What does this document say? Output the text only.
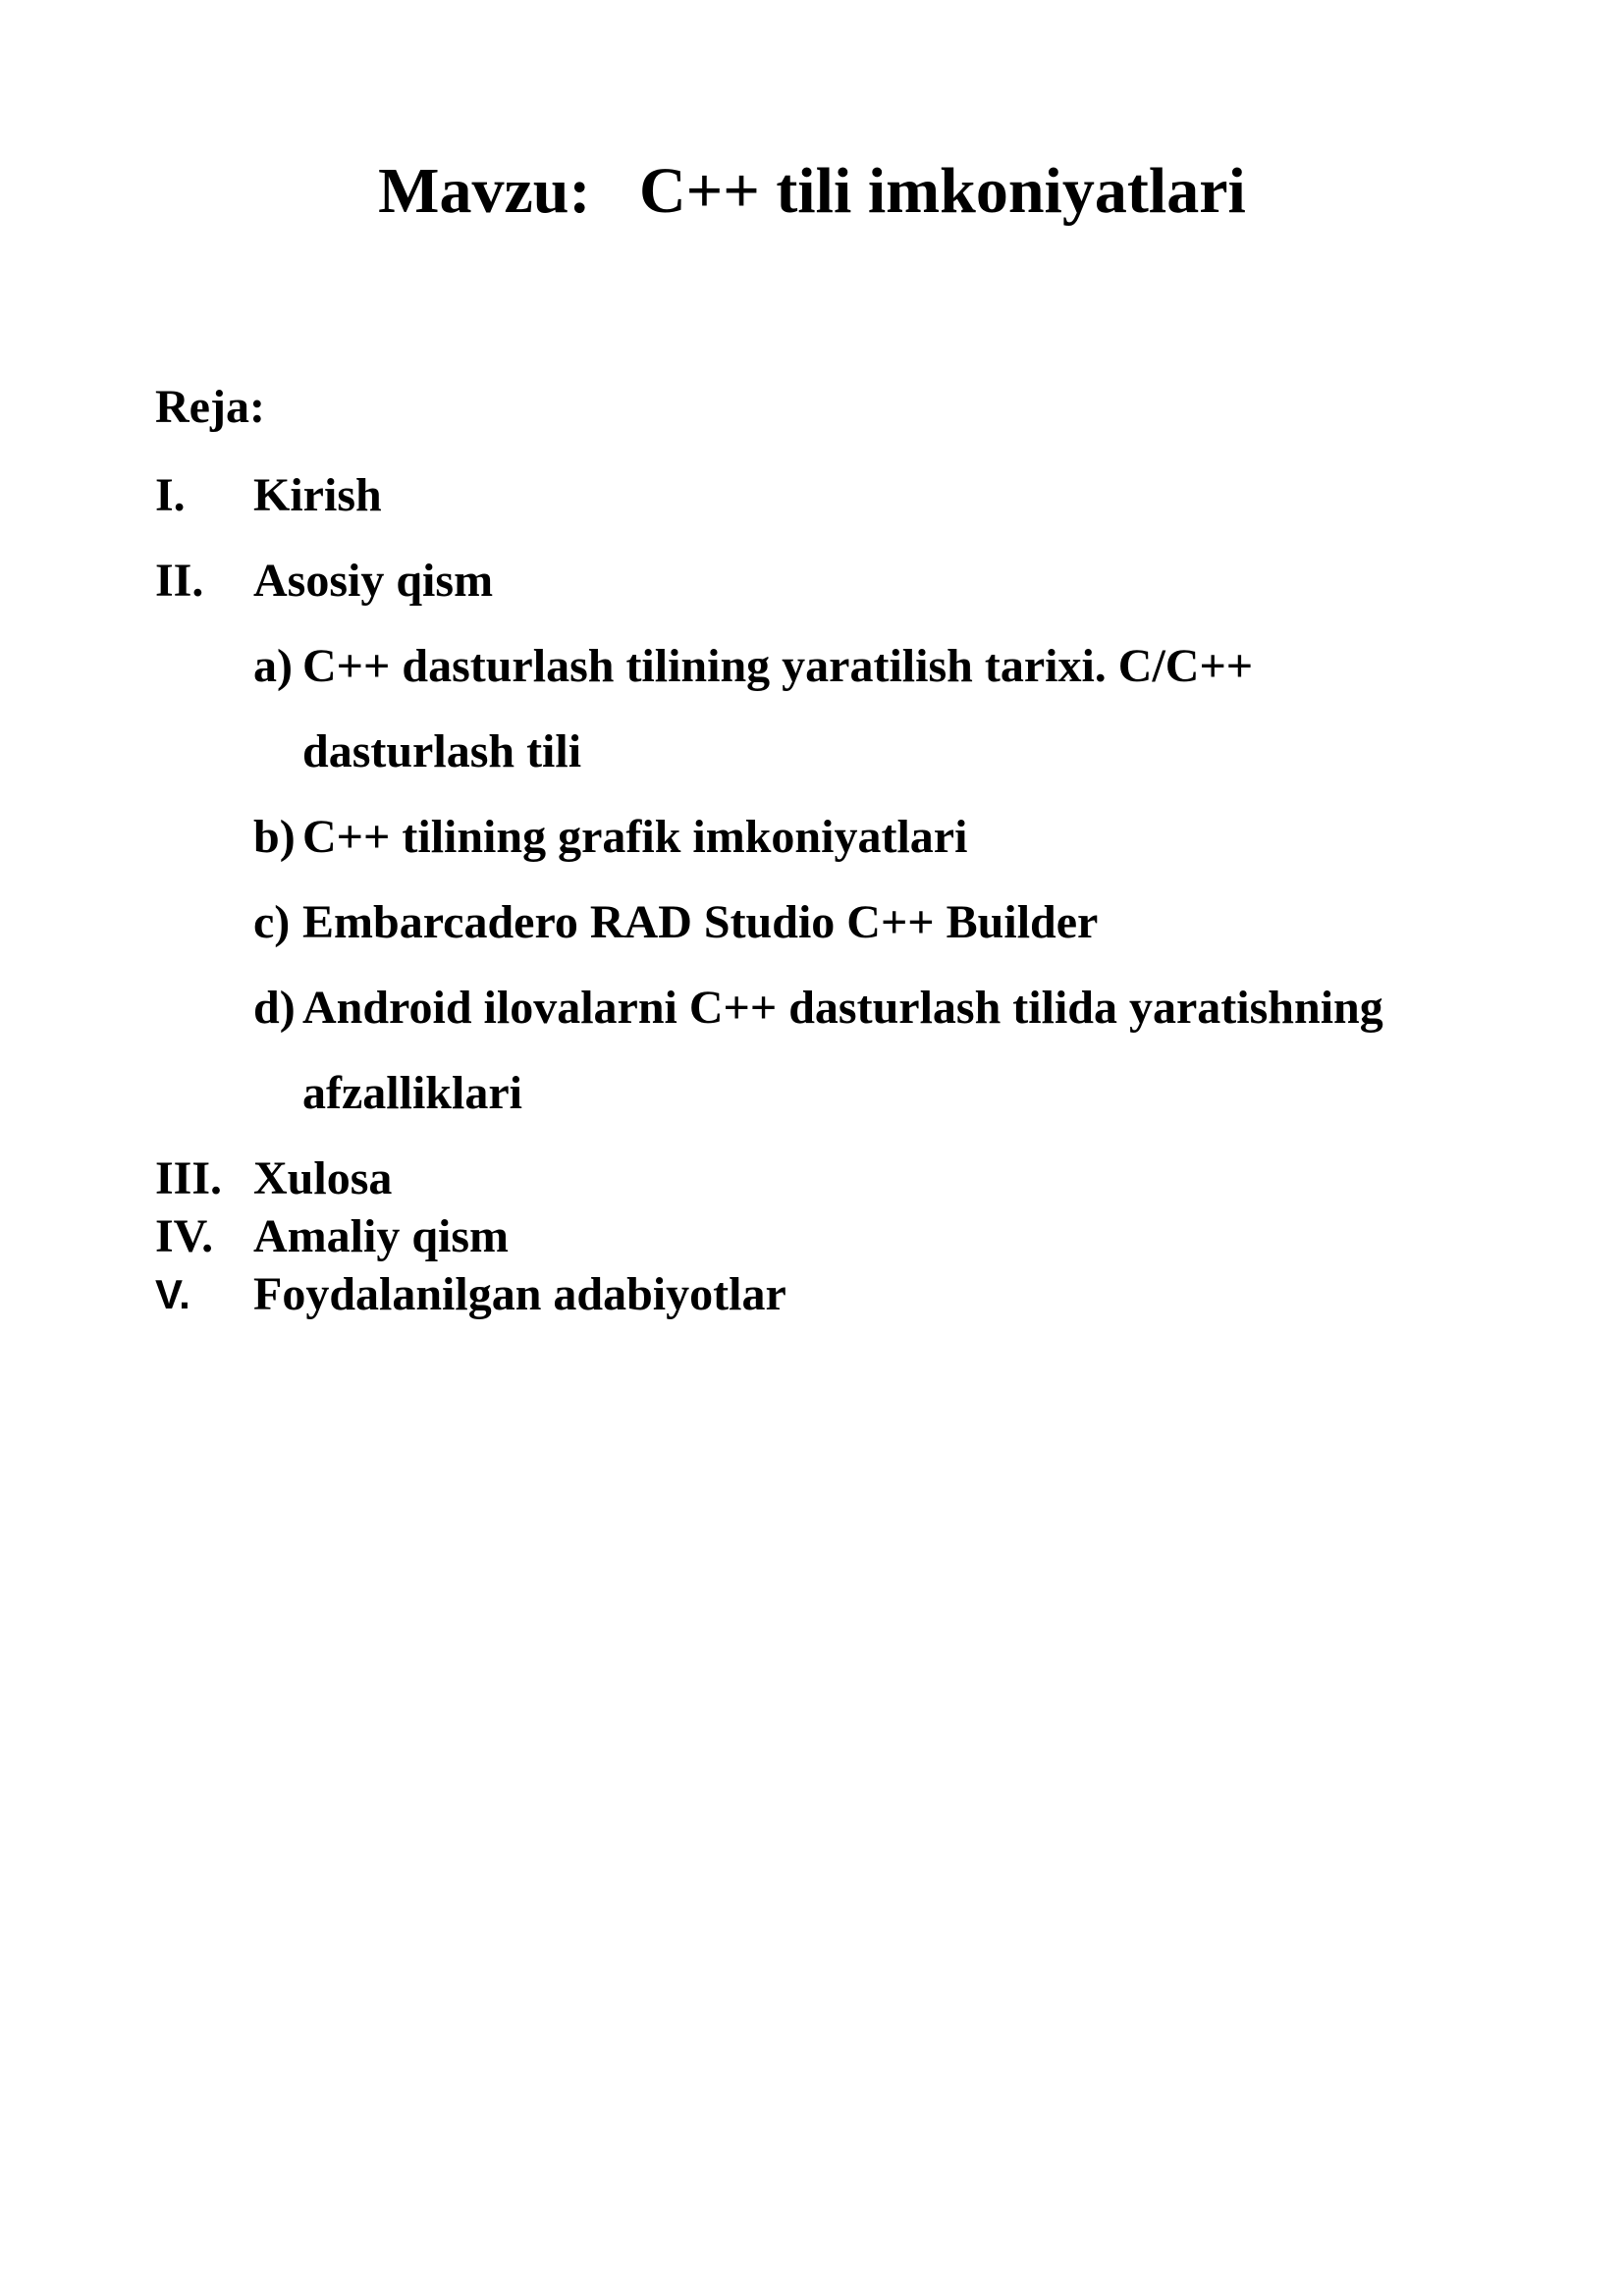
Mavzu:   C++ tili imkoniyatlari

Reja:

I. Kirish
II. Asosiy qism
a) C++ dasturlash tilining yaratilish tarixi. C/C++
dasturlash tili
b) C++ tilining grafik imkoniyatlari
c) Embarcadero RAD Studio C++ Builder
d) Android ilovalarni C++ dasturlash tilida yaratishning
afzalliklari
III. Xulosa
IV. Amaliy qism
V. Foydalanilgan adabiyotlar
